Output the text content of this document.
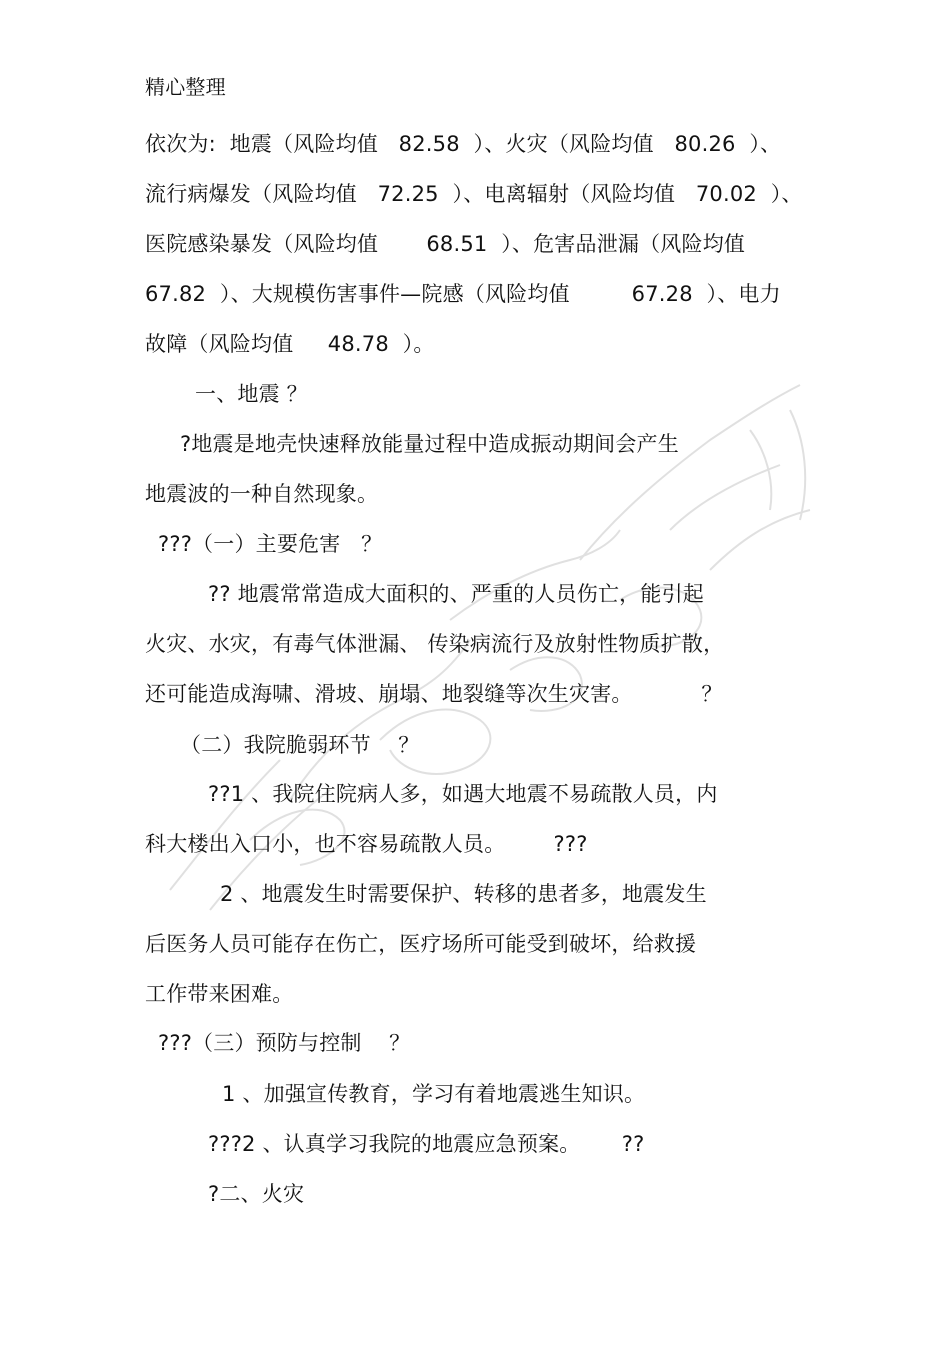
精心整理
依次为:  地震（风险均值   82.58  ）、火灾（风险均值   80.26  ）、
流行病爆发（风险均值   72.25  ）、电离辐射（风险均值   70.02  ）、
医院感染暴发（风险均值       68.51  ）、危害品泄漏（风险均值
67.82  ）、大规模伤害事件—院感（风险均值         67.28  ）、电力
故障（风险均值     48.78  ）。
一、地震 ？
?地震是地壳快速释放能量过程中造成振动期间会产生
地震波的一种自然现象。
???（一）主要危害   ？
?? 地震常常造成大面积的、严重的人员伤亡，能引起
火灾、水灾，有毒气体泄漏、 传染病流行及放射性物质扩散，
还可能造成海啸、滑坡、崩塌、地裂缝等次生灾害。          ？
（二）我院脆弱环节    ？
??1 、我院住院病人多，如遇大地震不易疏散人员，内
科大楼出入口小，也不容易疏散人员。       ???
2 、地震发生时需要保护、转移的患者多，地震发生
后医务人员可能存在伤亡，医疗场所可能受到破坏，给救援
工作带来困难。
???（三）预防与控制    ？
1 、加强宣传教育，学习有着地震逃生知识。
???2 、认真学习我院的地震应急预案。      ??
?二、火灾
